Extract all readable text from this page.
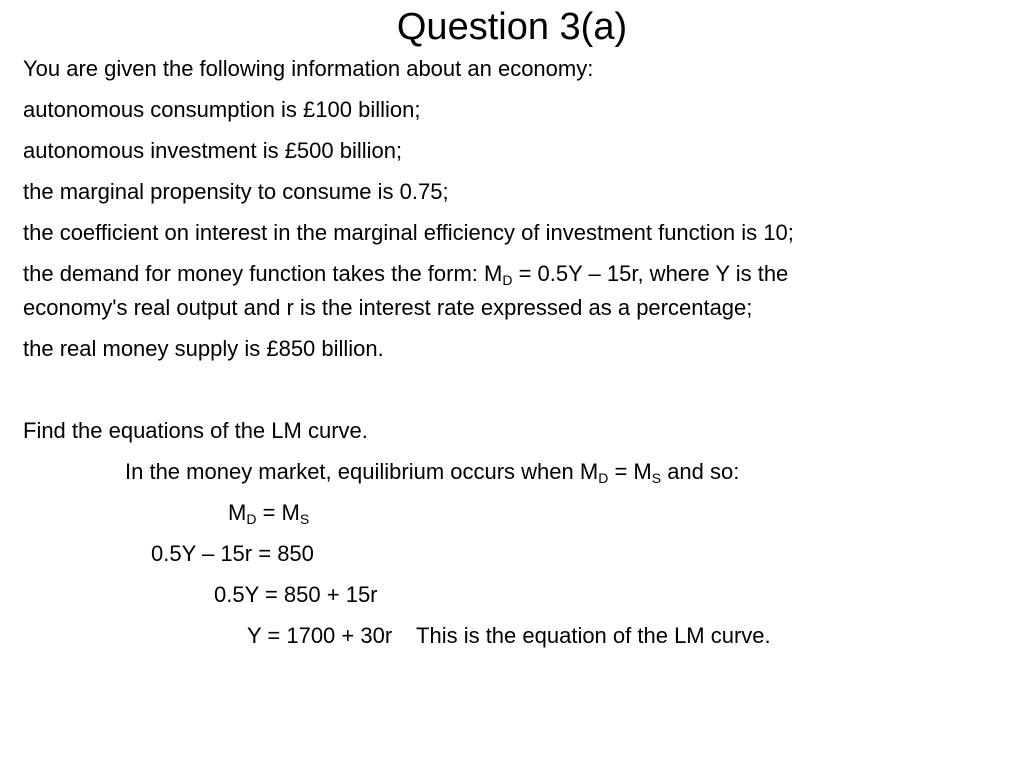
Question 3(a)
You are given the following information about an economy:
autonomous consumption is £100 billion;
autonomous investment is £500 billion;
the marginal propensity to consume is 0.75;
the coefficient on interest in the marginal efficiency of investment function is 10;
the demand for money function takes the form: $M_D = 0.5Y - 15r$, where Y is the
economy's real output and r is the interest rate expressed as a percentage;
the real money supply is £850 billion.
Find the equations of the LM curve.
In the money market, equilibrium occurs when $M_D = M_S$ and so:
$M_D = M_S$
0.5Y – 15r = 850
0.5Y = 850 + 15r
Y = 1700 + 30r This is the equation of the LM curve.
